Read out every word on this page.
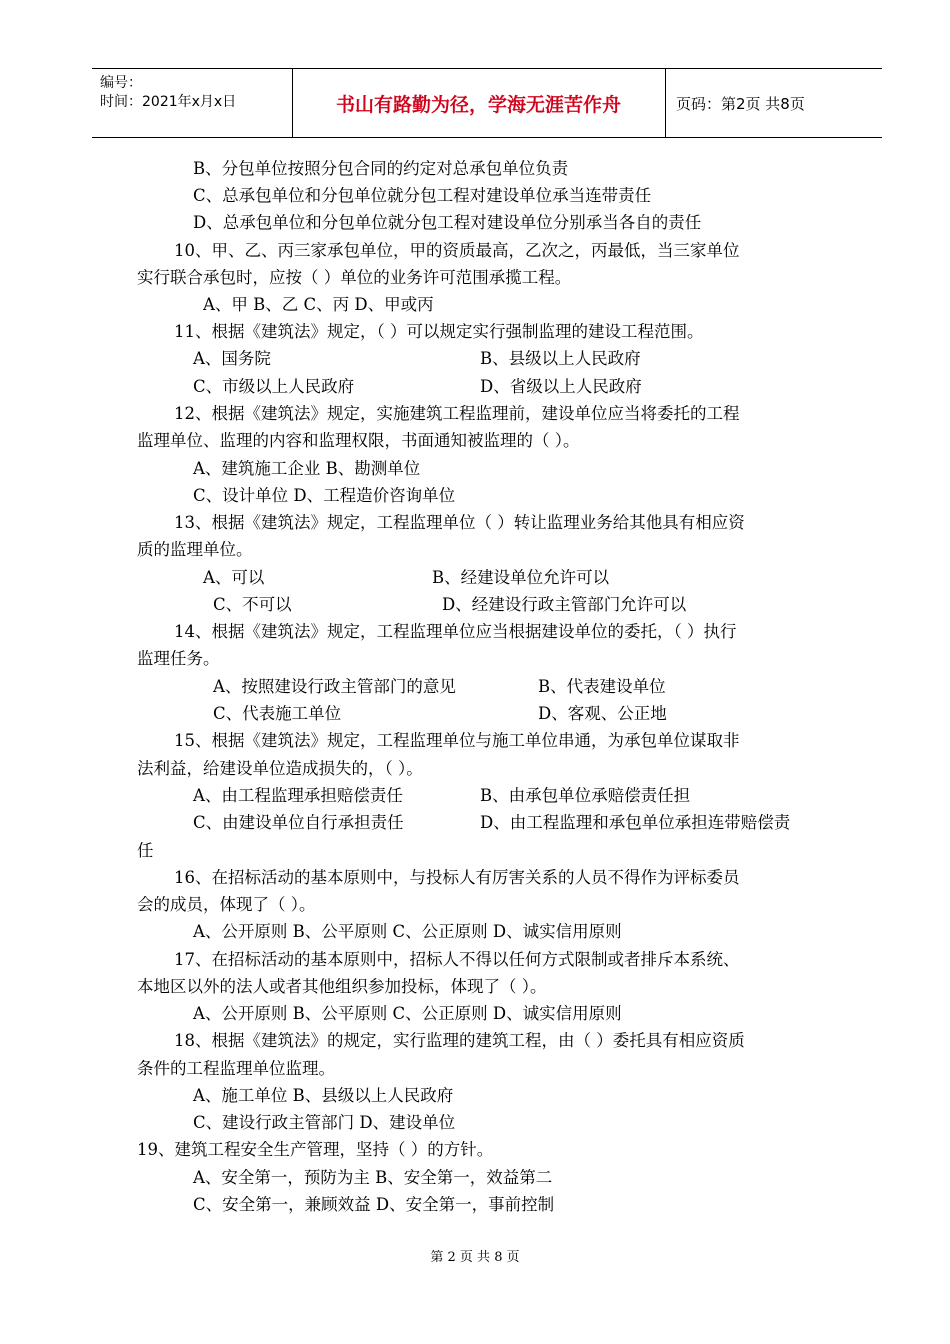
编号：
时间：2021年x月x日	书山有路勤为径，学海无涯苦作舟	页码：第2页 共8页
B、分包单位按照分包合同的约定对总承包单位负责
C、总承包单位和分包单位就分包工程对建设单位承当连带责任
D、总承包单位和分包单位就分包工程对建设单位分别承当各自的责任
10、甲、乙、丙三家承包单位，甲的资质最高，乙次之，丙最低，当三家单位
实行联合承包时，应按（ ）单位的业务许可范围承揽工程。
A、甲 B、乙 C、丙 D、甲或丙
11、根据《建筑法》规定，（ ）可以规定实行强制监理的建设工程范围。
A、国务院	B、县级以上人民政府
C、市级以上人民政府	D、省级以上人民政府
12、根据《建筑法》规定，实施建筑工程监理前，建设单位应当将委托的工程
监理单位、监理的内容和监理权限，书面通知被监理的（ ）。
A、建筑施工企业 B、勘测单位
C、设计单位 D、工程造价咨询单位
13、根据《建筑法》规定，工程监理单位（ ）转让监理业务给其他具有相应资
质的监理单位。
A、可以	B、经建设单位允许可以
C、不可以	D、经建设行政主管部门允许可以
14、根据《建筑法》规定，工程监理单位应当根据建设单位的委托，（ ）执行
监理任务。
A、按照建设行政主管部门的意见	B、代表建设单位
C、代表施工单位	D、客观、公正地
15、根据《建筑法》规定，工程监理单位与施工单位串通，为承包单位谋取非
法利益，给建设单位造成损失的，（ ）。
A、由工程监理承担赔偿责任	B、由承包单位承赔偿责任担
C、由建设单位自行承担责任	D、由工程监理和承包单位承担连带赔偿责
任
16、在招标活动的基本原则中，与投标人有厉害关系的人员不得作为评标委员
会的成员，体现了（ ）。
A、公开原则 B、公平原则 C、公正原则 D、诚实信用原则
17、在招标活动的基本原则中，招标人不得以任何方式限制或者排斥本系统、
本地区以外的法人或者其他组织参加投标，体现了（ ）。
A、公开原则 B、公平原则 C、公正原则 D、诚实信用原则
18、根据《建筑法》的规定，实行监理的建筑工程，由（ ）委托具有相应资质
条件的工程监理单位监理。
A、施工单位 B、县级以上人民政府
C、建设行政主管部门 D、建设单位
19、建筑工程安全生产管理，坚持（ ）的方针。
A、安全第一，预防为主 B、安全第一，效益第二
C、安全第一，兼顾效益 D、安全第一，事前控制
第 2 页 共 8 页
